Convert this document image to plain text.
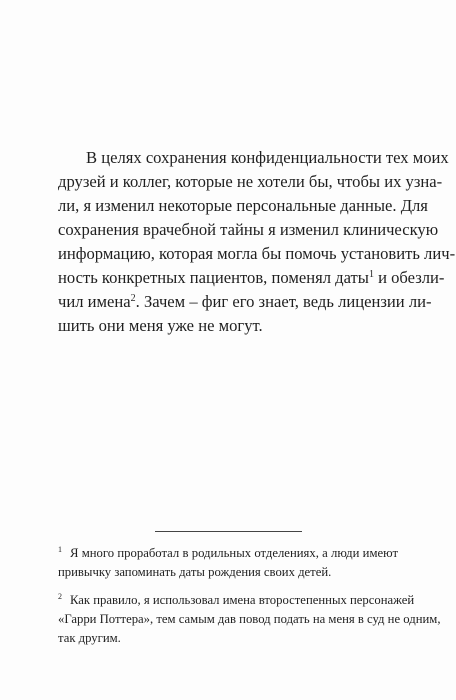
В целях сохранения конфиденциальности тех моих
друзей и коллег, которые не хотели бы, чтобы их узна-
ли, я изменил некоторые персональные данные. Для
сохранения врачебной тайны я изменил клиническую
информацию, которая могла бы помочь установить лич-
ность конкретных пациентов, поменял даты$^1$ и обезли-
чил имена$^2$. Зачем – фиг его знает, ведь лицензии ли-
шить они меня уже не могут.
$^1$ Я много проработал в родильных отделениях, а люди имеют
привычку запоминать даты рождения своих детей.
$^2$ Как правило, я использовал имена второстепенных персонажей
«Гарри Поттера», тем самым дав повод подать на меня в суд не одним,
так другим.
